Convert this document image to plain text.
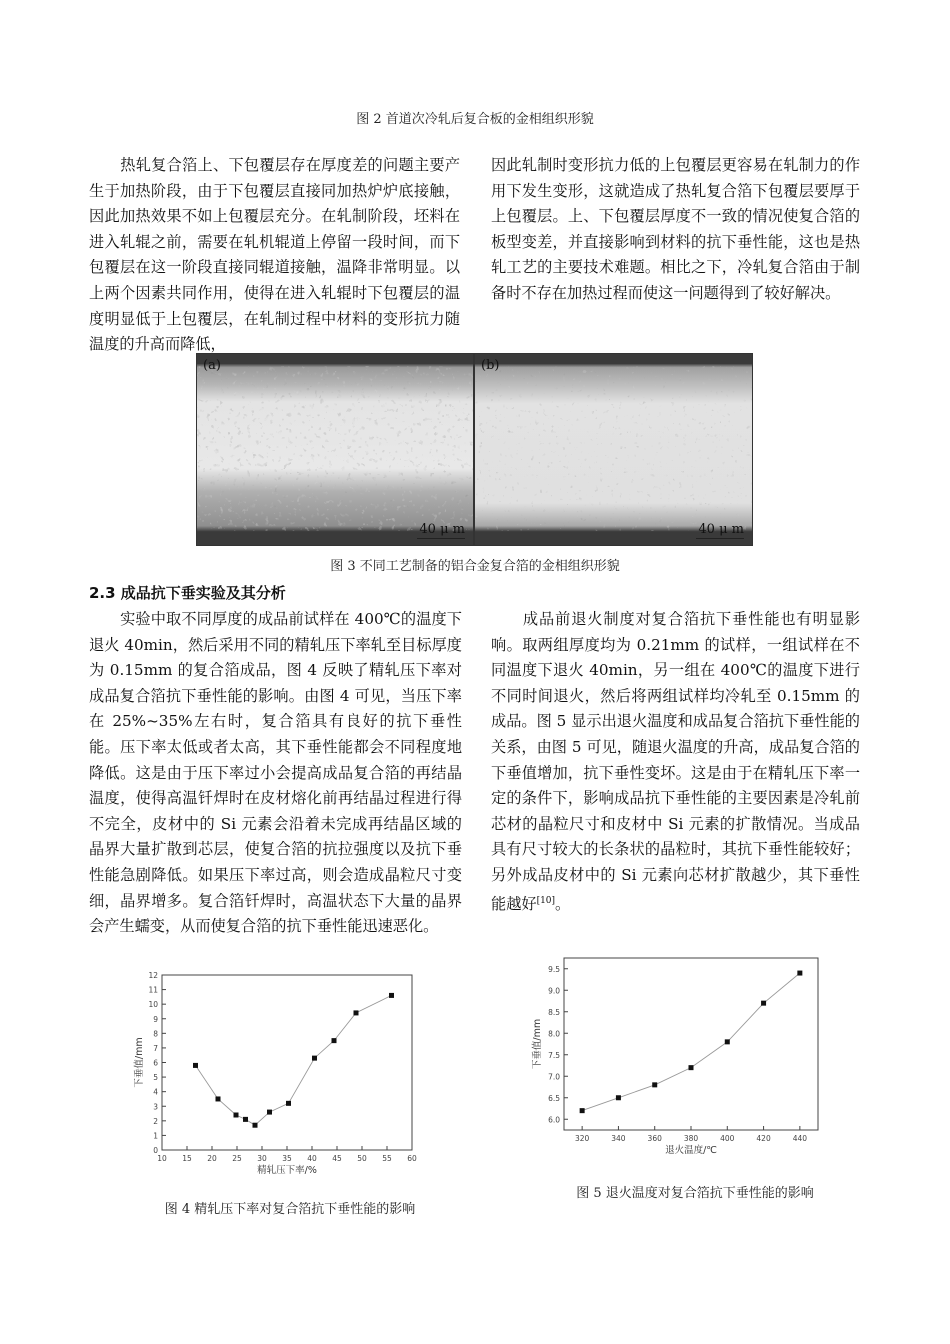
图 2 首道次冷轧后复合板的金相组织形貌
热轧复合箔上、下包覆层存在厚度差的问题主要产生于加热阶段，由于下包覆层直接同加热炉炉底接触，因此加热效果不如上包覆层充分。在轧制阶段，坯料在进入轧辊之前，需要在轧机辊道上停留一段时间，而下包覆层在这一阶段直接同辊道接触，温降非常明显。以上两个因素共同作用，使得在进入轧辊时下包覆层的温度明显低于上包覆层，在轧制过程中材料的变形抗力随温度的升高而降低，
因此轧制时变形抗力低的上包覆层更容易在轧制力的作用下发生变形，这就造成了热轧复合箔下包覆层要厚于上包覆层。上、下包覆层厚度不一致的情况使复合箔的板型变差，并直接影响到材料的抗下垂性能，这也是热轧工艺的主要技术难题。相比之下，冷轧复合箔由于制备时不存在加热过程而使这一问题得到了较好解决。
(a)
40 μ m
(b)
40 μ m
图 3 不同工艺制备的铝合金复合箔的金相组织形貌
2.3 成品抗下垂实验及其分析
实验中取不同厚度的成品前试样在 400℃的温度下退火 40min，然后采用不同的精轧压下率轧至目标厚度为 0.15mm 的复合箔成品，图 4 反映了精轧压下率对成品复合箔抗下垂性能的影响。由图 4 可见，当压下率在 25%~35%左右时，复合箔具有良好的抗下垂性能。压下率太低或者太高，其下垂性能都会不同程度地降低。这是由于压下率过小会提高成品复合箔的再结晶温度，使得高温钎焊时在皮材熔化前再结晶过程进行得不完全，皮材中的 Si 元素会沿着未完成再结晶区域的晶界大量扩散到芯层，使复合箔的抗拉强度以及抗下垂性能急剧降低。如果压下率过高，则会造成晶粒尺寸变细，晶界增多。复合箔钎焊时，高温状态下大量的晶界会产生蠕变，从而使复合箔的抗下垂性能迅速恶化。
成品前退火制度对复合箔抗下垂性能也有明显影响。取两组厚度均为 0.21mm 的试样，一组试样在不同温度下退火 40min，另一组在 400℃的温度下进行不同时间退火，然后将两组试样均冷轧至 0.15mm 的成品。图 5 显示出退火温度和成品复合箔抗下垂性能的关系，由图 5 可见，随退火温度的升高，成品复合箔的下垂值增加，抗下垂性变坏。这是由于在精轧压下率一定的条件下，影响成品抗下垂性能的主要因素是冷轧前芯材的晶粒尺寸和皮材中 Si 元素的扩散情况。当成品具有尺寸较大的长条状的晶粒时，其抗下垂性能较好；另外成品皮材中的 Si 元素向芯材扩散越少，其下垂性能越好[10]。
10 15 20 25 30 35 40 45 50 55 60
0
1
2
3
4
5
6
7
8
9
10
11
12
精轧压下率/%
下垂值/mm
图 4 精轧压下率对复合箔抗下垂性能的影响
320	340	360	380	400	420	440
6.0
6.5
7.0
7.5
8.0
8.5
9.0
9.5
退火温度/℃
下垂值/mm
图 5 退火温度对复合箔抗下垂性能的影响
